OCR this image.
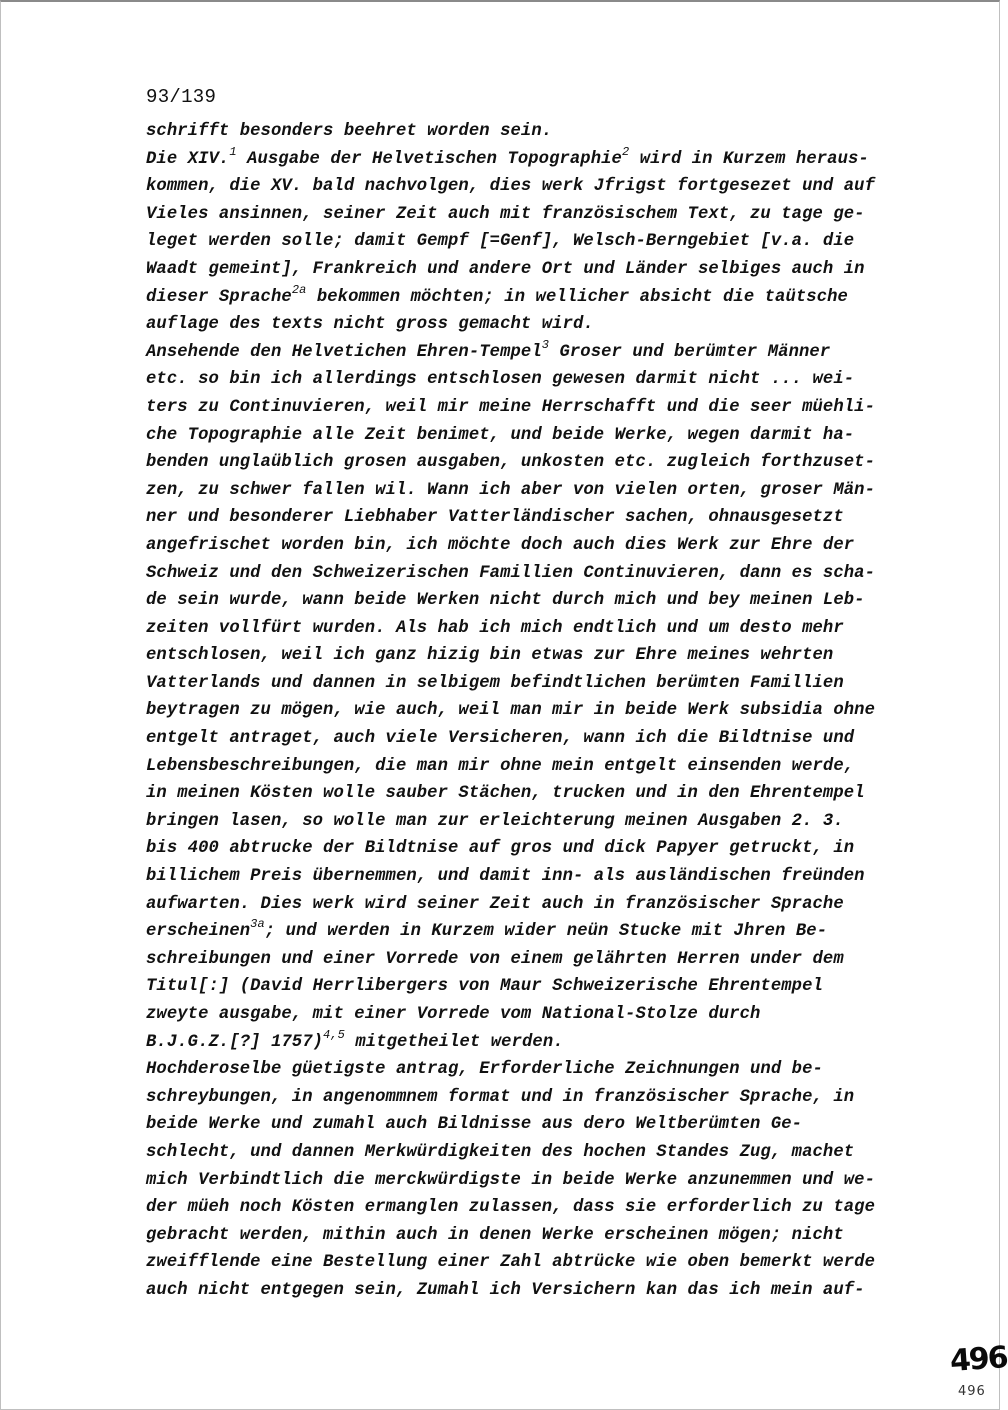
93/139
schrifft besonders beehret worden sein.
Die XIV.$^1$ Ausgabe der Helvetischen Topographie$^2$ wird in Kurzem heraus-
kommen, die XV. bald nachvolgen, dies werk Jfrigst fortgesezet und auf
Vieles ansinnen, seiner Zeit auch mit französischem Text, zu tage ge-
leget werden solle; damit Gempf [=Genf], Welsch-Berngebiet [v.a. die
Waadt gemeint], Frankreich und andere Ort und Länder selbiges auch in
dieser Sprache$^{2a}$ bekommen möchten; in wellicher absicht die taütsche
auflage des texts nicht gross gemacht wird.
Ansehende den Helvetichen Ehren-Tempel$^3$ Groser und berümter Männer
etc. so bin ich allerdings entschlosen gewesen darmit nicht ... wei-
ters zu Continuvieren, weil mir meine Herrschafft und die seer müehli-
che Topographie alle Zeit benimet, und beide Werke, wegen darmit ha-
benden unglaüblich grosen ausgaben, unkosten etc. zugleich forthzuset-
zen, zu schwer fallen wil. Wann ich aber von vielen orten, groser Män-
ner und besonderer Liebhaber Vatterländischer sachen, ohnausgesetzt
angefrischet worden bin, ich möchte doch auch dies Werk zur Ehre der
Schweiz und den Schweizerischen Famillien Continuvieren, dann es scha-
de sein wurde, wann beide Werken nicht durch mich und bey meinen Leb-
zeiten vollfürt wurden. Als hab ich mich endtlich und um desto mehr
entschlosen, weil ich ganz hizig bin etwas zur Ehre meines wehrten
Vatterlands und dannen in selbigem befindtlichen berümten Famillien
beytragen zu mögen, wie auch, weil man mir in beide Werk subsidia ohne
entgelt antraget, auch viele Versicheren, wann ich die Bildtnise und
Lebensbeschreibungen, die man mir ohne mein entgelt einsenden werde,
in meinen Kösten wolle sauber Stächen, trucken und in den Ehrentempel
bringen lasen, so wolle man zur erleichterung meinen Ausgaben 2. 3.
bis 400 abtrucke der Bildtnise auf gros und dick Papyer getruckt, in
billichem Preis übernemmen, und damit inn- als ausländischen freünden
aufwarten. Dies werk wird seiner Zeit auch in französischer Sprache
erscheinen$^{3a}$; und werden in Kurzem wider neün Stucke mit Jhren Be-
schreibungen und einer Vorrede von einem gelährten Herren under dem
Titul[:] (David Herrlibergers von Maur Schweizerische Ehrentempel
zweyte ausgabe, mit einer Vorrede vom National-Stolze durch
B.J.G.Z.[?] 1757)$^{4,5}$ mitgetheilet werden.
Hochderoselbe güetigste antrag, Erforderliche Zeichnungen und be-
schreybungen, in angenommnem format und in französischer Sprache, in
beide Werke und zumahl auch Bildnisse aus dero Weltberümten Ge-
schlecht, und dannen Merkwürdigkeiten des hochen Standes Zug, machet
mich Verbindtlich die merckwürdigste in beide Werke anzunemmen und we-
der müeh noch Kösten ermanglen zulassen, dass sie erforderlich zu tage
gebracht werden, mithin auch in denen Werke erscheinen mögen; nicht
zweifflende eine Bestellung einer Zahl abtrücke wie oben bemerkt werde
auch nicht entgegen sein, Zumahl ich Versichern kan das ich mein auf-
496
496
